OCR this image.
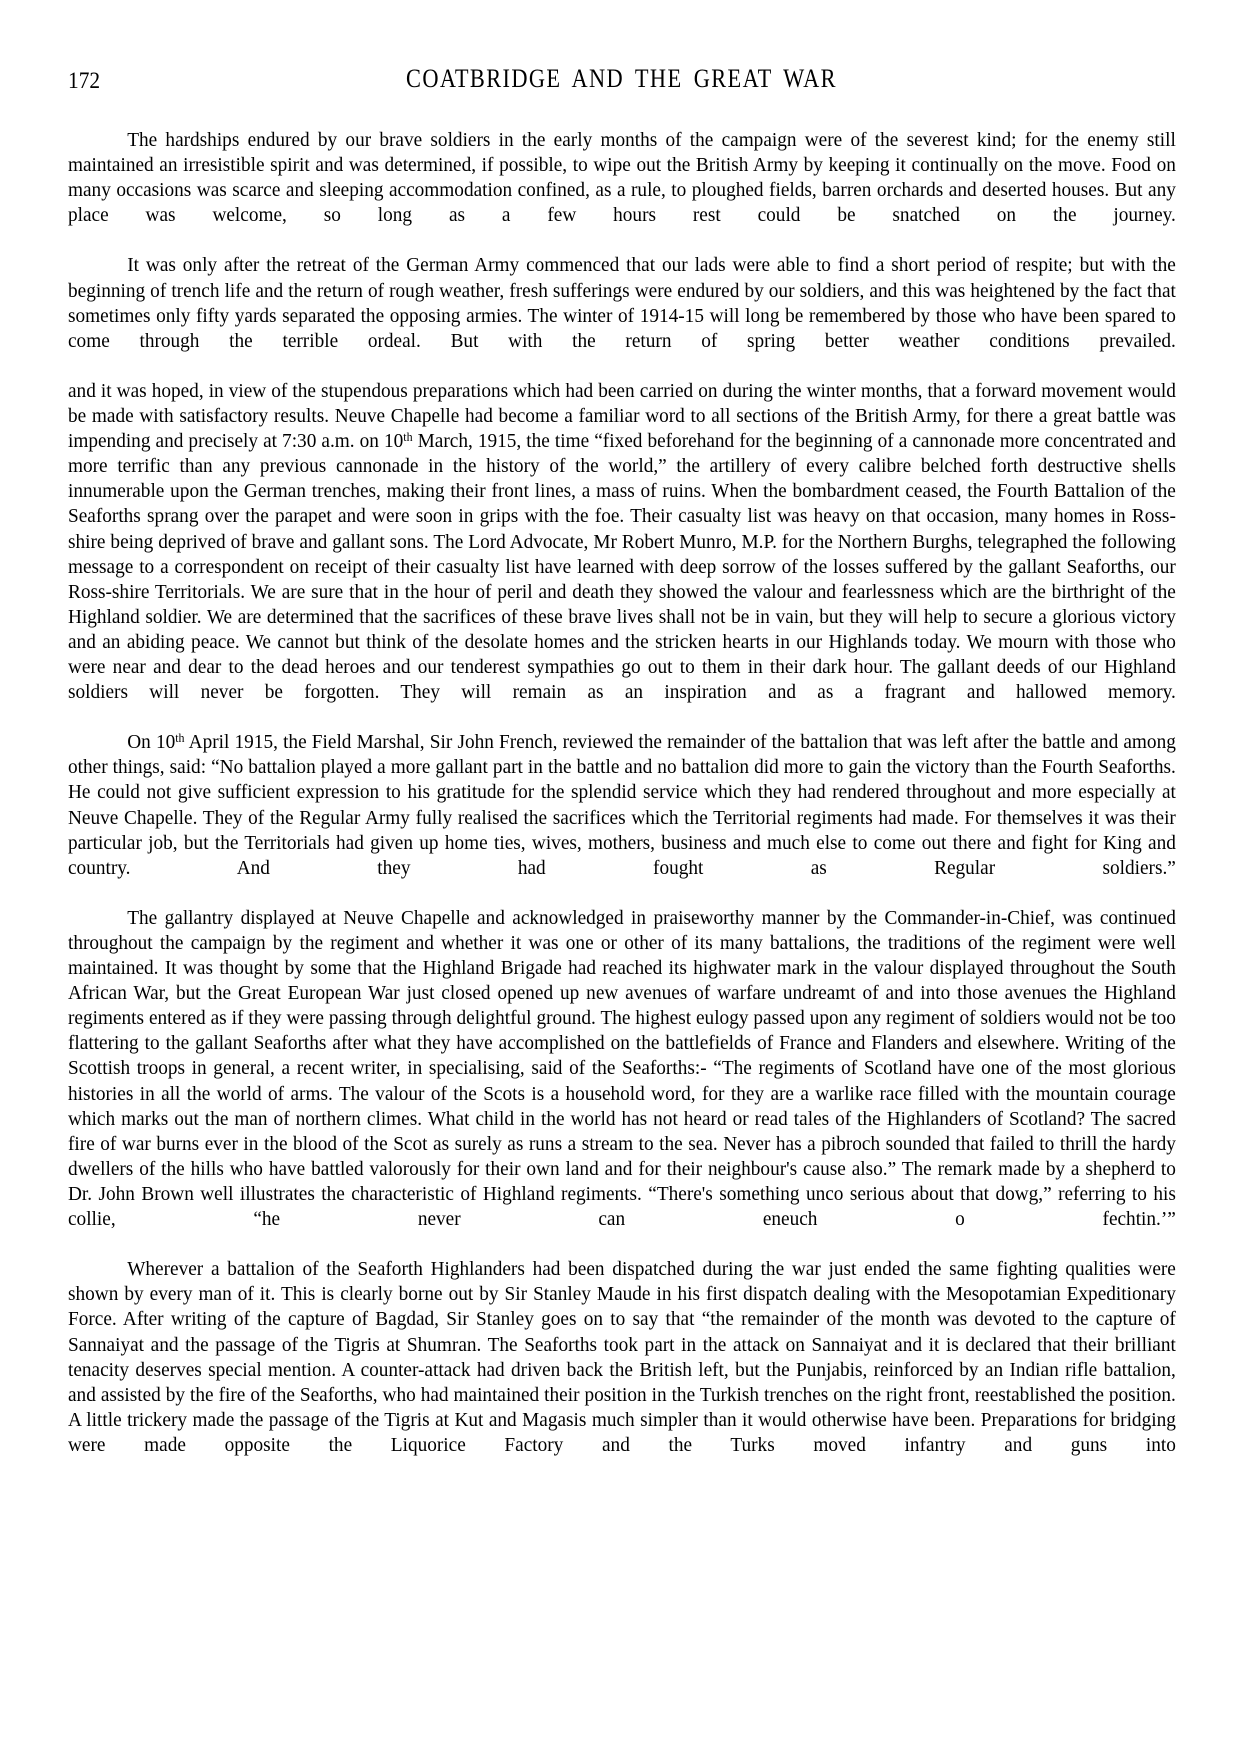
172	COATBRIDGE AND THE GREAT WAR

The hardships endured by our brave soldiers in the early months of the campaign were of the severest kind; for the enemy still maintained an irresistible spirit and was determined, if possible, to wipe out the British Army by keeping it continually on the move. Food on many occasions was scarce and sleeping accommodation confined, as a rule, to ploughed fields, barren orchards and deserted houses. But any place was welcome, so long as a few hours rest could be snatched on the journey.

It was only after the retreat of the German Army commenced that our lads were able to find a short period of respite; but with the beginning of trench life and the return of rough weather, fresh sufferings were endured by our soldiers, and this was heightened by the fact that sometimes only fifty yards separated the opposing armies. The winter of 1914-15 will long be remembered by those who have been spared to come through the terrible ordeal. But with the return of spring better weather conditions prevailed.

and it was hoped, in view of the stupendous preparations which had been carried on during the winter months, that a forward movement would be made with satisfactory results. Neuve Chapelle had become a familiar word to all sections of the British Army, for there a great battle was impending and precisely at 7:30 a.m. on 10th March, 1915, the time “fixed beforehand for the beginning of a cannonade more concentrated and more terrific than any previous cannonade in the history of the world,” the artillery of every calibre belched forth destructive shells innumerable upon the German trenches, making their front lines, a mass of ruins. When the bombardment ceased, the Fourth Battalion of the Seaforths sprang over the parapet and were soon in grips with the foe. Their casualty list was heavy on that occasion, many homes in Ross-shire being deprived of brave and gallant sons. The Lord Advocate, Mr Robert Munro, M.P. for the Northern Burghs, telegraphed the following message to a correspondent on receipt of their casualty list have learned with deep sorrow of the losses suffered by the gallant Seaforths, our Ross-shire Territorials. We are sure that in the hour of peril and death they showed the valour and fearlessness which are the birthright of the Highland soldier. We are determined that the sacrifices of these brave lives shall not be in vain, but they will help to secure a glorious victory and an abiding peace. We cannot but think of the desolate homes and the stricken hearts in our Highlands today. We mourn with those who were near and dear to the dead heroes and our tenderest sympathies go out to them in their dark hour. The gallant deeds of our Highland soldiers will never be forgotten. They will remain as an inspiration and as a fragrant and hallowed memory.

On 10th April 1915, the Field Marshal, Sir John French, reviewed the remainder of the battalion that was left after the battle and among other things, said: “No battalion played a more gallant part in the battle and no battalion did more to gain the victory than the Fourth Seaforths. He could not give sufficient expression to his gratitude for the splendid service which they had rendered throughout and more especially at Neuve Chapelle. They of the Regular Army fully realised the sacrifices which the Territorial regiments had made. For themselves it was their particular job, but the Territorials had given up home ties, wives, mothers, business and much else to come out there and fight for King and country. And they had fought as Regular soldiers.”

The gallantry displayed at Neuve Chapelle and acknowledged in praiseworthy manner by the Commander-in-Chief, was continued throughout the campaign by the regiment and whether it was one or other of its many battalions, the traditions of the regiment were well maintained. It was thought by some that the Highland Brigade had reached its highwater mark in the valour displayed throughout the South African War, but the Great European War just closed opened up new avenues of warfare undreamt of and into those avenues the Highland regiments entered as if they were passing through delightful ground. The highest eulogy passed upon any regiment of soldiers would not be too flattering to the gallant Seaforths after what they have accomplished on the battlefields of France and Flanders and elsewhere. Writing of the Scottish troops in general, a recent writer, in specialising, said of the Seaforths:- “The regiments of Scotland have one of the most glorious histories in all the world of arms. The valour of the Scots is a household word, for they are a warlike race filled with the mountain courage which marks out the man of northern climes. What child in the world has not heard or read tales of the Highlanders of Scotland? The sacred fire of war burns ever in the blood of the Scot as surely as runs a stream to the sea. Never has a pibroch sounded that failed to thrill the hardy dwellers of the hills who have battled valorously for their own land and for their neighbour's cause also.” The remark made by a shepherd to Dr. John Brown well illustrates the characteristic of Highland regiments. “There's something unco serious about that dowg,” referring to his collie, “he never can eneuch o fechtin.’”

Wherever a battalion of the Seaforth Highlanders had been dispatched during the war just ended the same fighting qualities were shown by every man of it. This is clearly borne out by Sir Stanley Maude in his first dispatch dealing with the Mesopotamian Expeditionary Force. After writing of the capture of Bagdad, Sir Stanley goes on to say that “the remainder of the month was devoted to the capture of Sannaiyat and the passage of the Tigris at Shumran. The Seaforths took part in the attack on Sannaiyat and it is declared that their brilliant tenacity deserves special mention. A counter-attack had driven back the British left, but the Punjabis, reinforced by an Indian rifle battalion, and assisted by the fire of the Seaforths, who had maintained their position in the Turkish trenches on the right front, reestablished the position. A little trickery made the passage of the Tigris at Kut and Magasis much simpler than it would otherwise have been. Preparations for bridging were made opposite the Liquorice Factory and the Turks moved infantry and guns into
